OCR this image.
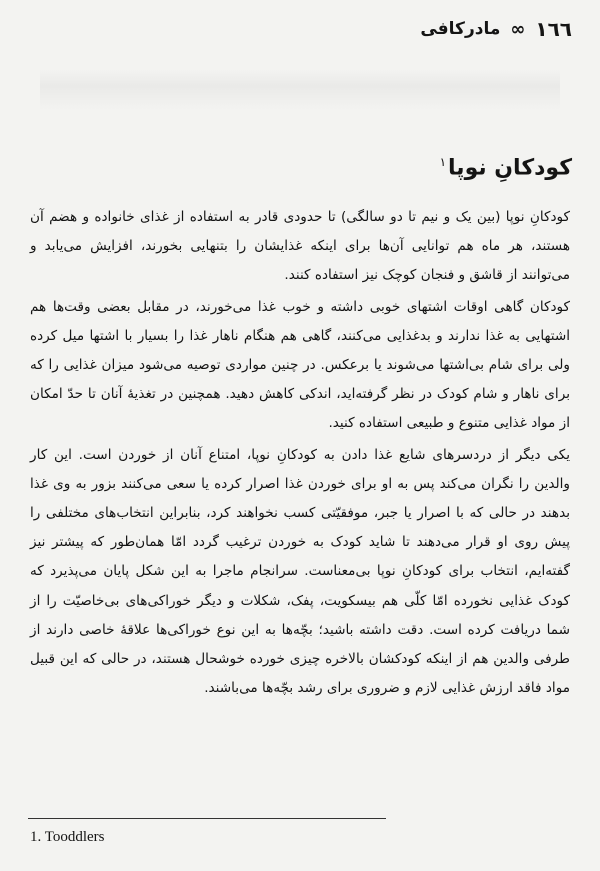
١٦٦
∞
مادرکافی
کودکانِ نوپا$^١$

کودکانِ نوپا (بین یک و نیم تا دو سالگی) تا حدودی قادر به استفاده از غذای خانواده و هضم آن هستند، هر ماه هم توانایی آن‌ها برای اینکه غذایشان را بتنهایی بخورند، افزایش می‌یابد و می‌توانند از قاشق و فنجان کوچک نیز استفاده کنند.

کودکان گاهی اوقات اشتهای خوبی داشته و خوب غذا می‌خورند، در مقابل بعضی وقت‌ها هم اشتهایی به غذا ندارند و بدغذایی می‌کنند، گاهی هم هنگام ناهار غذا را بسیار با اشتها میل کرده ولی برای شام بی‌اشتها می‌شوند یا برعکس. در چنین مواردی توصیه می‌شود میزان غذایی را که برای ناهار و شام کودک در نظر گرفته‌اید، اندکی کاهش دهید. همچنین در تغذیهٔ آنان تا حدّ امکان از مواد غذایی متنوع و طبیعی استفاده کنید.

یکی دیگر از دردسرهای شایع غذا دادن به کودکانِ نوپا، امتناع آنان از خوردن است. این کار والدین را نگران می‌کند پس به او برای خوردن غذا اصرار کرده یا سعی می‌کنند بزور به وی غذا بدهند در حالی که با اصرار یا جبر، موفقیّتی کسب نخواهند کرد، بنابراین انتخاب‌های مختلفی را پیش روی او قرار می‌دهند تا شاید کودک به خوردن ترغیب گردد امّا همان‌طور که پیشتر نیز گفته‌ایم، انتخاب برای کودکانِ نوپا بی‌معناست. سرانجام ماجرا به این شکل پایان می‌پذیرد که کودک غذایی نخورده امّا کلّی هم بیسکویت، پفک، شکلات و دیگر خوراکی‌های بی‌خاصیّت را از شما دریافت کرده است. دقت داشته باشید؛ بچّه‌ها به این نوع خوراکی‌ها علاقهٔ خاصی دارند از طرفی والدین هم از اینکه کودکشان بالاخره چیزی خورده خوشحال هستند، در حالی که این قبیل مواد فاقد ارزش غذایی لازم و ضروری برای رشد بچّه‌ها می‌باشند.

1. Tooddlers
